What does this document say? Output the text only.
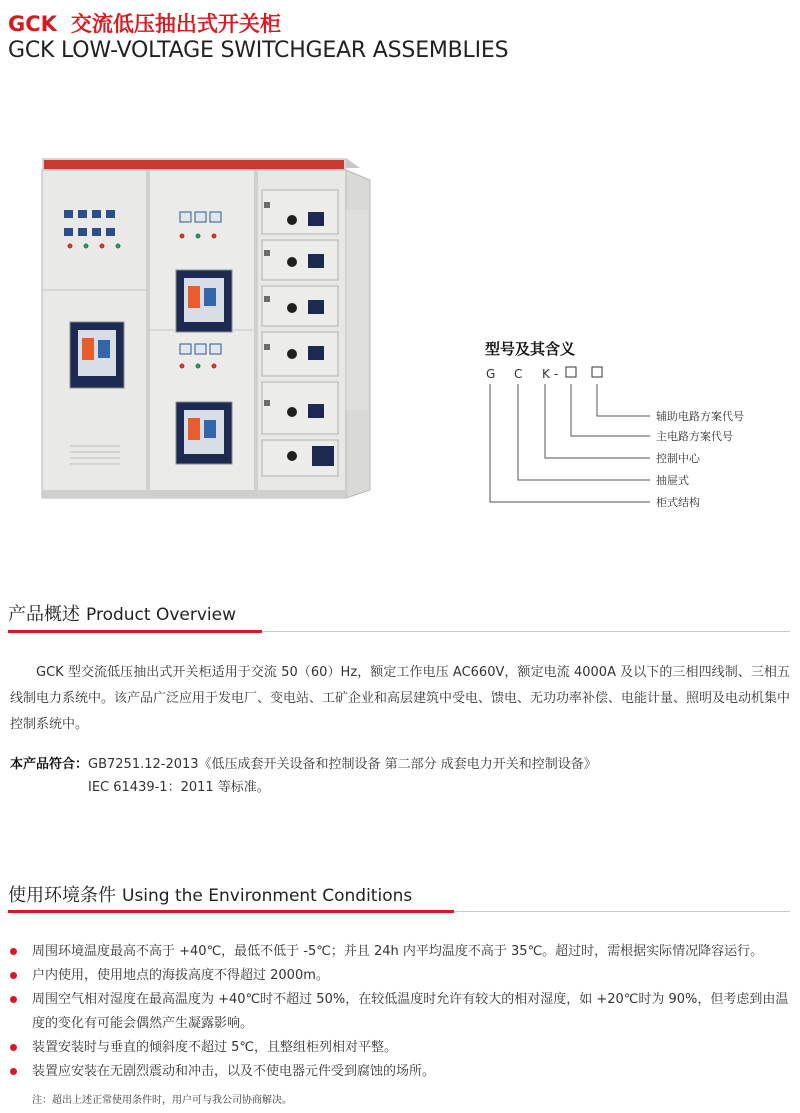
GCK 交流低压抽出式开关柜
GCK LOW-VOLTAGE SWITCHGEAR ASSEMBLIES
型号及其含义
G C K -
辅助电路方案代号
主电路方案代号
控制中心
抽屉式
柜式结构
产品概述 Product Overview
GCK 型交流低压抽出式开关柜适用于交流 50（60）Hz，额定工作电压 AC660V，额定电流 4000A 及以下的三相四线制、三相五线制电力系统中。该产品广泛应用于发电厂、变电站、工矿企业和高层建筑中受电、馈电、无功功率补偿、电能计量、照明及电动机集中控制系统中。
本产品符合：GB7251.12-2013《低压成套开关设备和控制设备 第二部分 成套电力开关和控制设备》
IEC 61439-1：2011 等标准。
使用环境条件 Using the Environment Conditions
周围环境温度最高不高于 +40℃，最低不低于 -5℃；并且 24h 内平均温度不高于 35℃。超过时，需根据实际情况降容运行。
户内使用，使用地点的海拔高度不得超过 2000m。
周围空气相对湿度在最高温度为 +40℃时不超过 50%，在较低温度时允许有较大的相对湿度，如 +20℃时为 90%，但考虑到由温度的变化有可能会偶然产生凝露影响。
装置安装时与垂直的倾斜度不超过 5℃，且整组柜列相对平整。
装置应安装在无剧烈震动和冲击，以及不使电器元件受到腐蚀的场所。
注：超出上述正常使用条件时，用户可与我公司协商解决。
